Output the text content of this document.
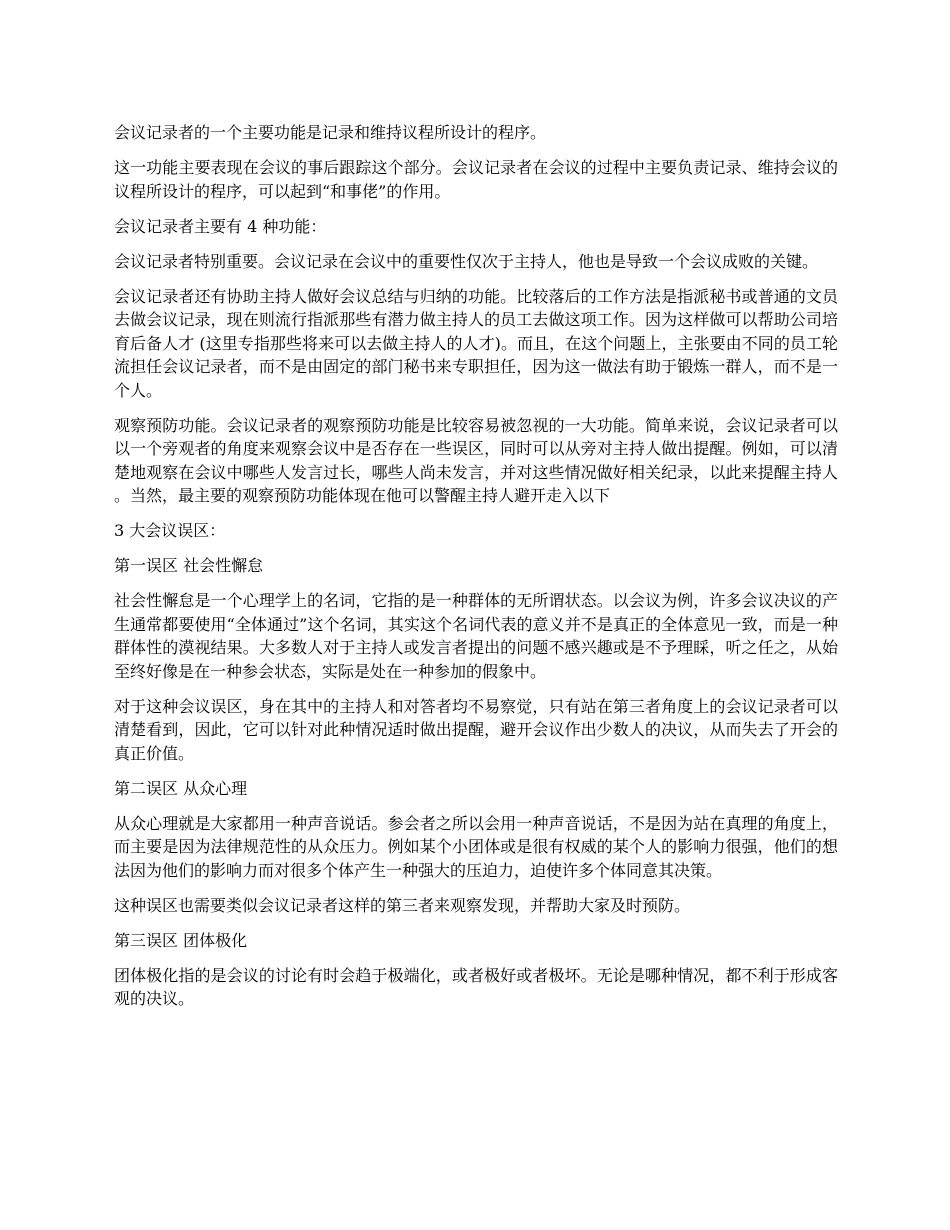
会议记录者的一个主要功能是记录和维持议程所设计的程序。

这一功能主要表现在会议的事后跟踪这个部分。会议记录者在会议的过程中主要负责记录、维持会议的议程所设计的程序，可以起到“和事佬”的作用。

会议记录者主要有 4 种功能：

会议记录者特别重要。会议记录在会议中的重要性仅次于主持人，他也是导致一个会议成败的关键。

会议记录者还有协助主持人做好会议总结与归纳的功能。比较落后的工作方法是指派秘书或普通的文员去做会议记录，现在则流行指派那些有潜力做主持人的员工去做这项工作。因为这样做可以帮助公司培育后备人才 (这里专指那些将来可以去做主持人的人才)。而且，在这个问题上，主张要由不同的员工轮流担任会议记录者，而不是由固定的部门秘书来专职担任，因为这一做法有助于锻炼一群人，而不是一个人。

观察预防功能。会议记录者的观察预防功能是比较容易被忽视的一大功能。简单来说，会议记录者可以以一个旁观者的角度来观察会议中是否存在一些误区，同时可以从旁对主持人做出提醒。例如，可以清楚地观察在会议中哪些人发言过长，哪些人尚未发言，并对这些情况做好相关纪录，以此来提醒主持人。当然，最主要的观察预防功能体现在他可以警醒主持人避开走入以下

3 大会议误区：

第一误区 社会性懈怠

社会性懈怠是一个心理学上的名词，它指的是一种群体的无所谓状态。以会议为例，许多会议决议的产生通常都要使用“全体通过”这个名词，其实这个名词代表的意义并不是真正的全体意见一致，而是一种群体性的漠视结果。大多数人对于主持人或发言者提出的问题不感兴趣或是不予理睬，听之任之，从始至终好像是在一种参会状态，实际是处在一种参加的假象中。

对于这种会议误区，身在其中的主持人和对答者均不易察觉，只有站在第三者角度上的会议记录者可以清楚看到，因此，它可以针对此种情况适时做出提醒，避开会议作出少数人的决议，从而失去了开会的真正价值。

第二误区 从众心理

从众心理就是大家都用一种声音说话。参会者之所以会用一种声音说话，不是因为站在真理的角度上，而主要是因为法律规范性的从众压力。例如某个小团体或是很有权威的某个人的影响力很强，他们的想法因为他们的影响力而对很多个体产生一种强大的压迫力，迫使许多个体同意其决策。

这种误区也需要类似会议记录者这样的第三者来观察发现，并帮助大家及时预防。

第三误区 团体极化

团体极化指的是会议的讨论有时会趋于极端化，或者极好或者极坏。无论是哪种情况，都不利于形成客观的决议。
